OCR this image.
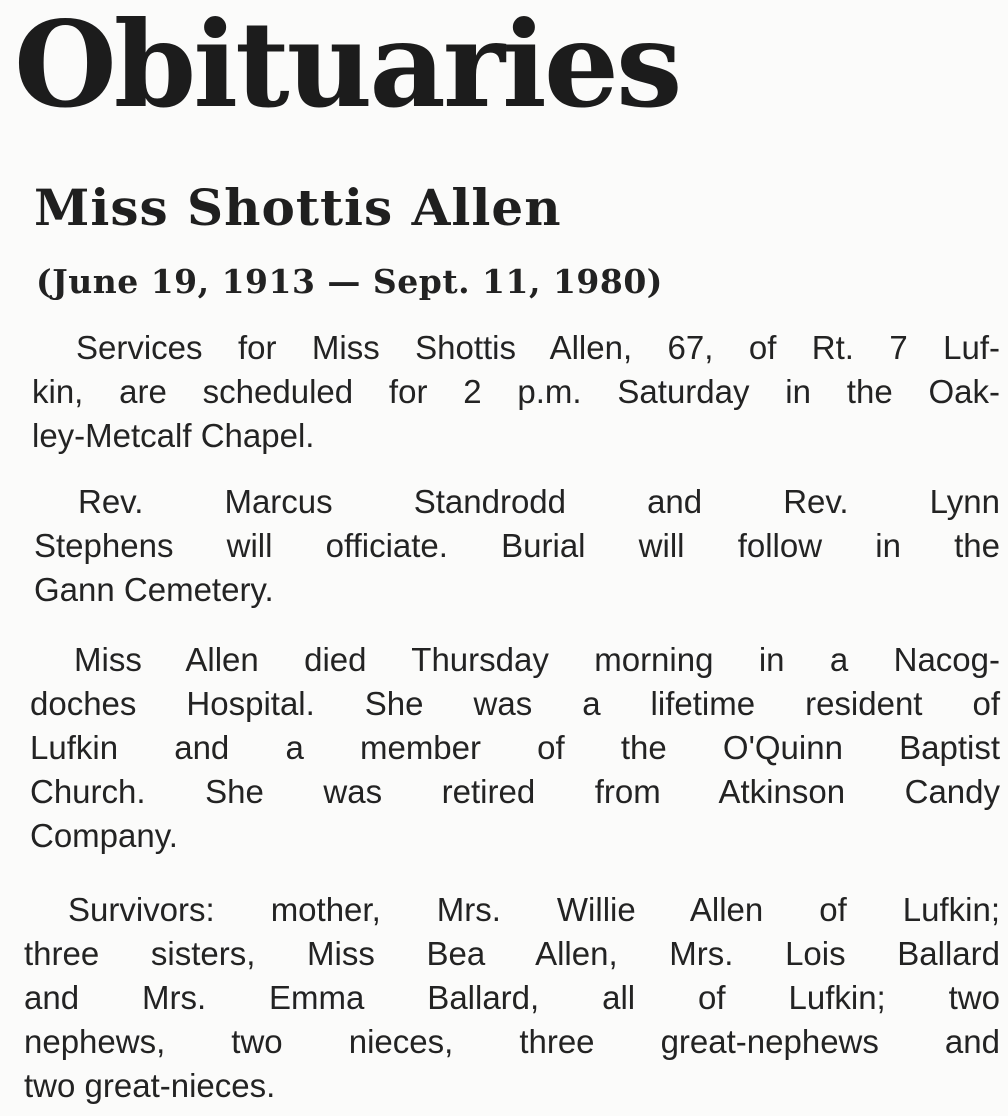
Obituaries
Miss Shottis Allen
(June 19, 1913 — Sept. 11, 1980)

Services for Miss Shottis Allen, 67, of Rt. 7 Luf-
kin, are scheduled for 2 p.m. Saturday in the Oak-
ley-Metcalf Chapel.

Rev. Marcus Standrodd and Rev. Lynn
Stephens will officiate. Burial will follow in the
Gann Cemetery.

Miss Allen died Thursday morning in a Nacog-
doches Hospital. She was a lifetime resident of
Lufkin and a member of the O'Quinn Baptist
Church. She was retired from Atkinson Candy
Company.

Survivors: mother, Mrs. Willie Allen of Lufkin;
three sisters, Miss Bea Allen, Mrs. Lois Ballard
and Mrs. Emma Ballard, all of Lufkin; two
nephews, two nieces, three great-nephews and
two great-nieces.
